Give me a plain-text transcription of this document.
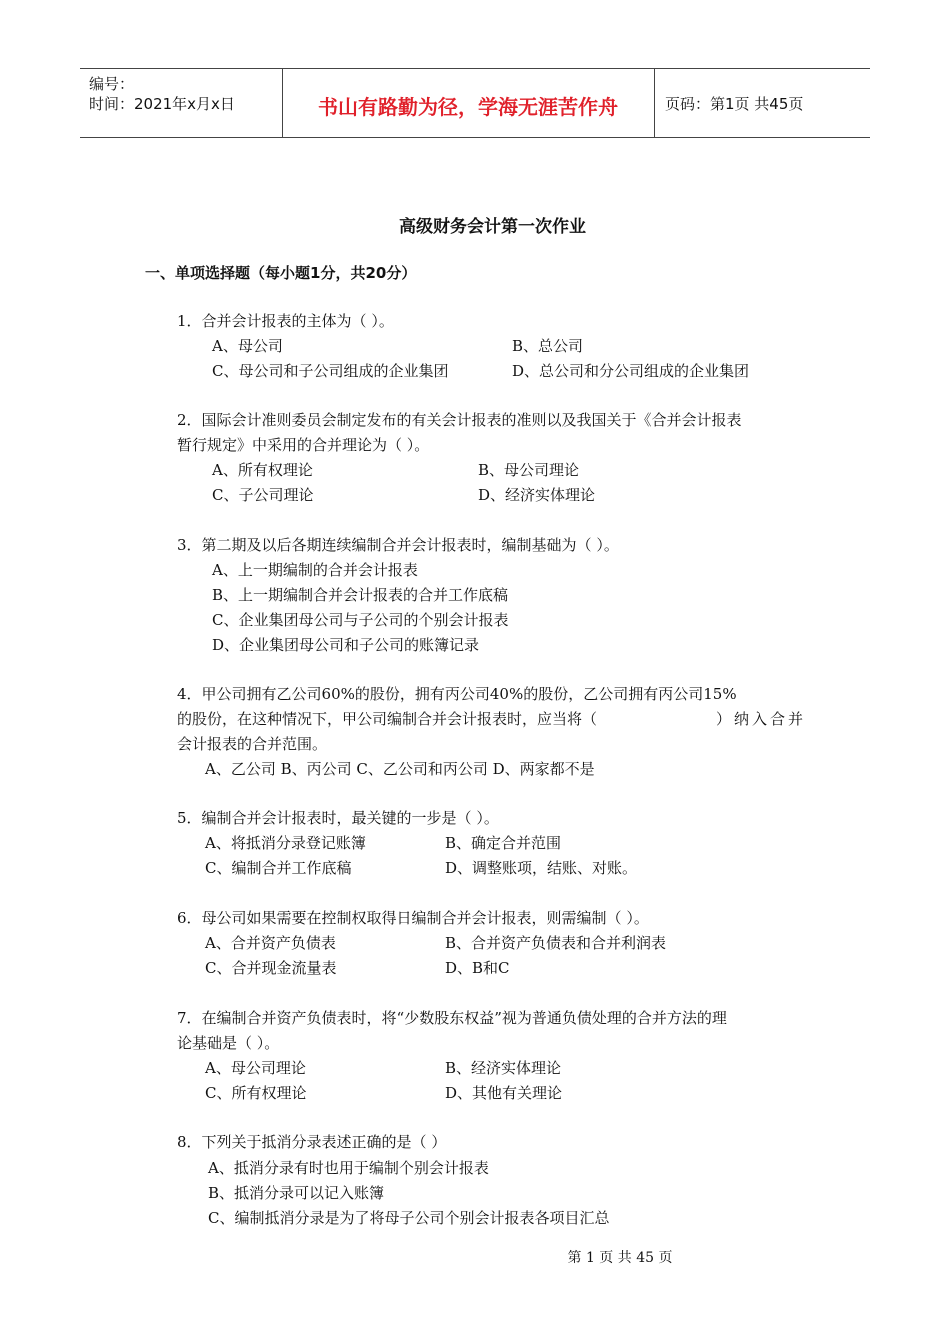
编号：
时间：2021年x月x日	书山有路勤为径，学海无涯苦作舟	页码：第1页 共45页
高级财务会计第一次作业
一、单项选择题（每小题1分，共20分）
1．合并会计报表的主体为（ ）。
A、母公司	B、总公司
C、母公司和子公司组成的企业集团	D、总公司和分公司组成的企业集团
2．国际会计准则委员会制定发布的有关会计报表的准则以及我国关于《合并会计报表
暂行规定》中采用的合并理论为（ ）。
A、所有权理论	B、母公司理论
C、子公司理论	D、经济实体理论
3．第二期及以后各期连续编制合并会计报表时，编制基础为（ ）。
A、上一期编制的合并会计报表
B、上一期编制合并会计报表的合并工作底稿
C、企业集团母公司与子公司的个别会计报表
D、企业集团母公司和子公司的账簿记录
4．甲公司拥有乙公司60%的股份，拥有丙公司40%的股份，乙公司拥有丙公司15%
的股份，在这种情况下，甲公司编制合并会计报表时，应当将（	）纳入合并
会计报表的合并范围。
A、乙公司 B、丙公司 C、乙公司和丙公司 D、两家都不是
5．编制合并会计报表时，最关键的一步是（ ）。
A、将抵消分录登记账簿	B、确定合并范围
C、编制合并工作底稿	D、调整账项，结账、对账。
6．母公司如果需要在控制权取得日编制合并会计报表，则需编制（ ）。
A、合并资产负债表	B、合并资产负债表和合并利润表
C、合并现金流量表	D、B和C
7．在编制合并资产负债表时，将“少数股东权益”视为普通负债处理的合并方法的理
论基础是（ ）。
A、母公司理论	B、经济实体理论
C、所有权理论	D、其他有关理论
8．下列关于抵消分录表述正确的是（ ）
A、抵消分录有时也用于编制个别会计报表
B、抵消分录可以记入账簿
C、编制抵消分录是为了将母子公司个别会计报表各项目汇总
第 1 页 共 45 页
